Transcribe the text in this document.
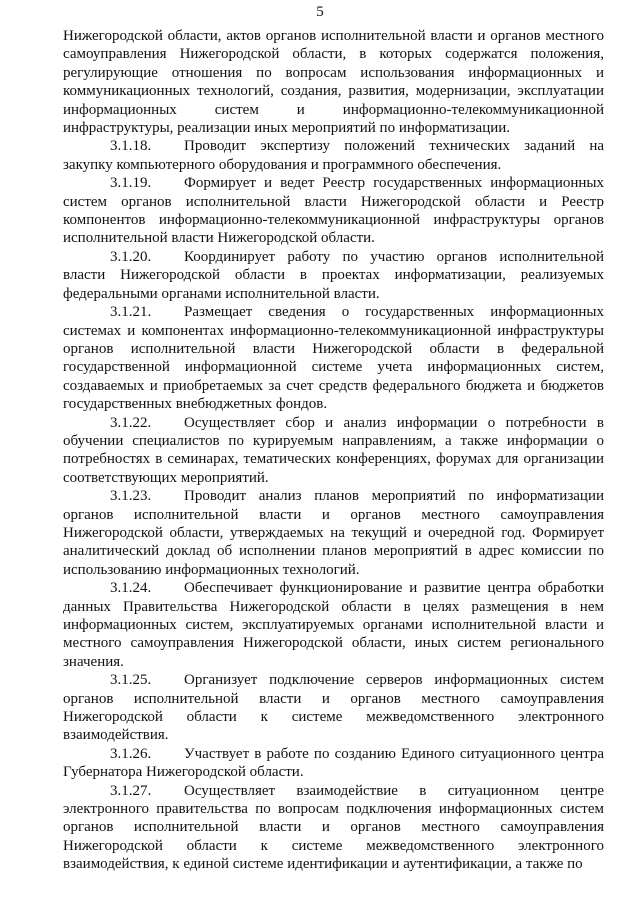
5

Нижегородской области, актов органов исполнительной власти и органов местного самоуправления Нижегородской области, в которых содержатся положения, регулирующие отношения по вопросам использования информационных и коммуникационных технологий, создания, развития, модернизации, эксплуатации информационных систем и информационно-телекоммуникационной инфраструктуры, реализации иных мероприятий по информатизации.

3.1.18. Проводит экспертизу положений технических заданий на закупку компьютерного оборудования и программного обеспечения.

3.1.19. Формирует и ведет Реестр государственных информационных систем органов исполнительной власти Нижегородской области и Реестр компонентов информационно-телекоммуникационной инфраструктуры органов исполнительной власти Нижегородской области.

3.1.20. Координирует работу по участию органов исполнительной власти Нижегородской области в проектах информатизации, реализуемых федеральными органами исполнительной власти.

3.1.21. Размещает сведения о государственных информационных системах и компонентах информационно-телекоммуникационной инфраструктуры органов исполнительной власти Нижегородской области в федеральной государственной информационной системе учета информационных систем, создаваемых и приобретаемых за счет средств федерального бюджета и бюджетов государственных внебюджетных фондов.

3.1.22. Осуществляет сбор и анализ информации о потребности в обучении специалистов по курируемым направлениям, а также информации о потребностях в семинарах, тематических конференциях, форумах для организации соответствующих мероприятий.

3.1.23. Проводит анализ планов мероприятий по информатизации органов исполнительной власти и органов местного самоуправления Нижегородской области, утверждаемых на текущий и очередной год. Формирует аналитический доклад об исполнении планов мероприятий в адрес комиссии по использованию информационных технологий.

3.1.24. Обеспечивает функционирование и развитие центра обработки данных Правительства Нижегородской области в целях размещения в нем информационных систем, эксплуатируемых органами исполнительной власти и местного самоуправления Нижегородской области, иных систем регионального значения.

3.1.25. Организует подключение серверов информационных систем органов исполнительной власти и органов местного самоуправления Нижегородской области к системе межведомственного электронного взаимодействия.

3.1.26. Участвует в работе по созданию Единого ситуационного центра Губернатора Нижегородской области.

3.1.27. Осуществляет взаимодействие в ситуационном центре электронного правительства по вопросам подключения информационных систем органов исполнительной власти и органов местного самоуправления Нижегородской области к системе межведомственного электронного взаимодействия, к единой системе идентификации и аутентификации, а также по
